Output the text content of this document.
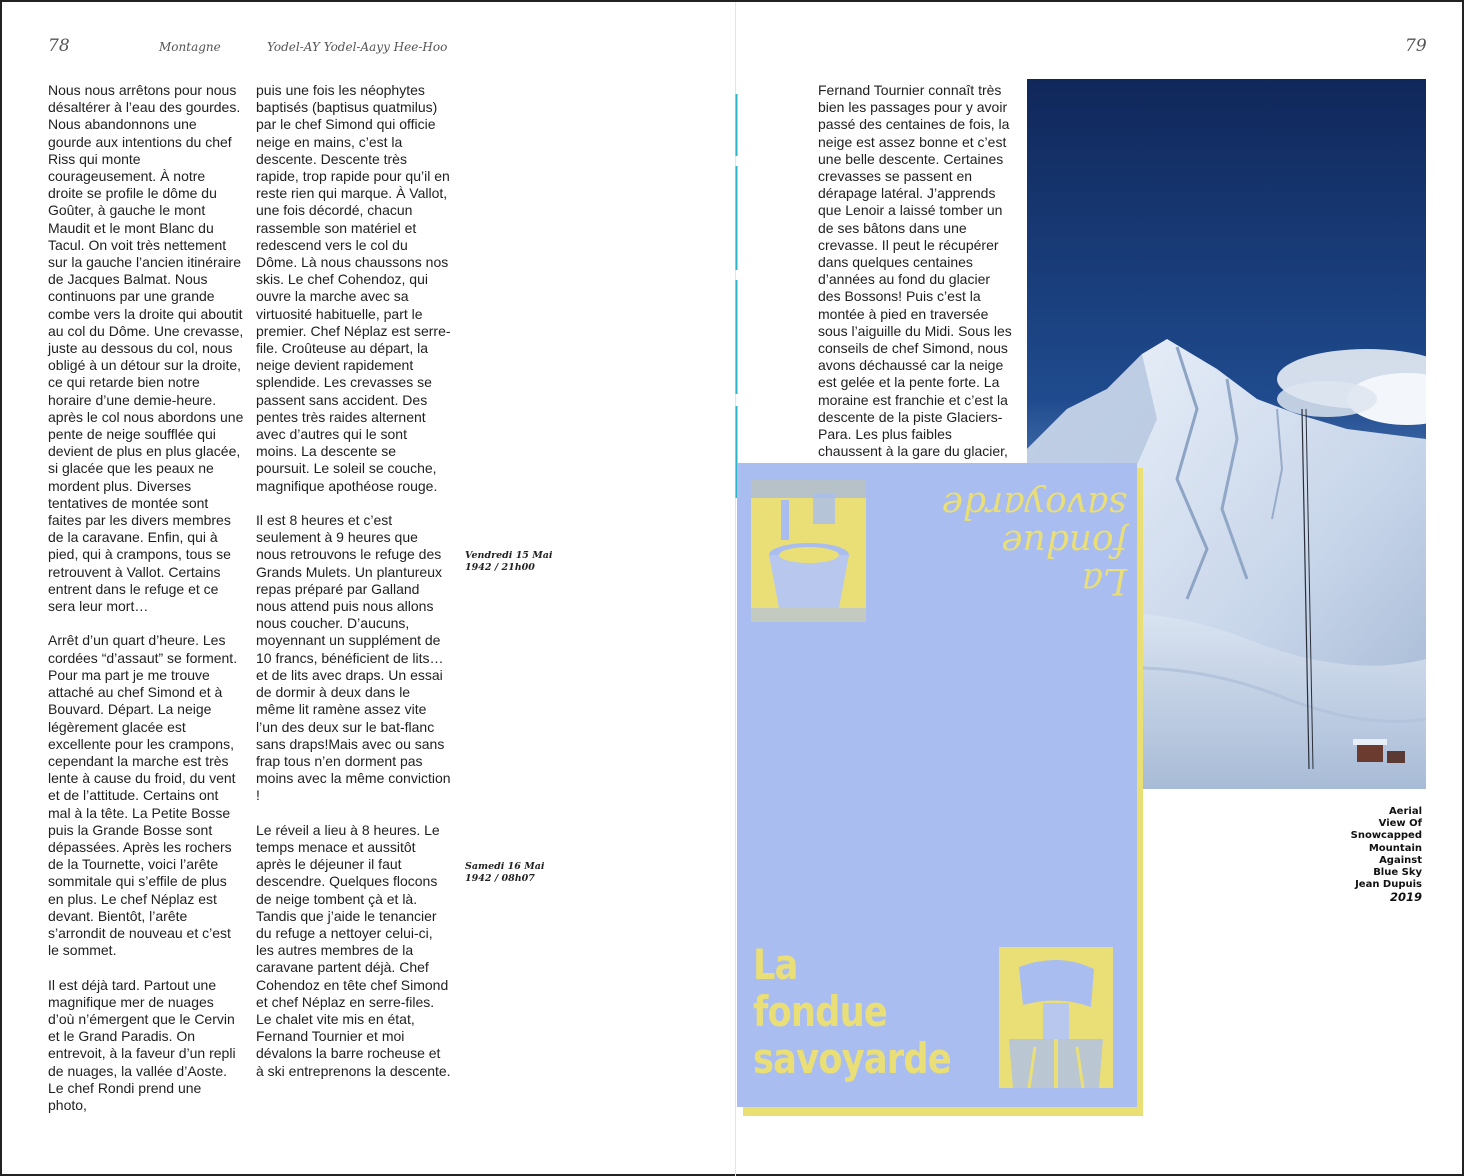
78	Montagne	Yodel-AY Yodel-Aayy Hee-Hoo

Nous nous arrêtons pour nous désaltérer à l’eau des gourdes. Nous abandonnons une gourde aux intentions du chef Riss qui monte courageusement. À notre droite se profile le dôme du Goûter, à gauche le mont Maudit et le mont Blanc du Tacul. On voit très nettement sur la gauche l’ancien itinéraire de Jacques Balmat. Nous continuons par une grande combe vers la droite qui aboutit au col du Dôme. Une crevasse, juste au dessous du col, nous obligé à un détour sur la droite, ce qui retarde bien notre horaire d’une demie-heure. après le col nous abordons une pente de neige soufflée qui devient de plus en plus glacée, si glacée que les peaux ne mordent plus. Diverses tentatives de montée sont faites par les divers membres de la caravane. Enfin, qui à pied, qui à crampons, tous se retrouvent à Vallot. Certains entrent dans le refuge et ce sera leur mort…

Arrêt d’un quart d’heure. Les cordées “d’assaut” se forment. Pour ma part je me trouve attaché au chef Simond et à Bouvard. Départ. La neige légèrement glacée est excellente pour les crampons, cependant la marche est très lente à cause du froid, du vent et de l’attitude. Certains ont mal à la tête. La Petite Bosse puis la Grande Bosse sont dépassées. Après les rochers de la Tournette, voici l’arête sommitale qui s’effile de plus en plus. Le chef Néplaz est devant. Bientôt, l’arête s’arrondit de nouveau et c’est le sommet.

Il est déjà tard. Partout une magnifique mer de nuages d’où n’émergent que le Cervin et le Grand Paradis. On entrevoit, à la faveur d’un repli de nuages, la vallée d’Aoste. Le chef Rondi prend une photo,

puis une fois les néophytes baptisés (baptisus quatmilus) par le chef Simond qui officie neige en mains, c’est la descente. Descente très rapide, trop rapide pour qu’il en reste rien qui marque. À Vallot, une fois décordé, chacun rassemble son matériel et redescend vers le col du Dôme. Là nous chaussons nos skis. Le chef Cohendoz, qui ouvre la marche avec sa virtuosité habituelle, part le premier. Chef Néplaz est serre-file. Croûteuse au départ, la neige devient rapidement splendide. Les crevasses se passent sans accident. Des pentes très raides alternent avec d’autres qui le sont moins. La descente se poursuit. Le soleil se couche, magnifique apothéose rouge.

Il est 8 heures et c’est seulement à 9 heures que nous retrouvons le refuge des Grands Mulets. Un plantureux repas préparé par Galland nous attend puis nous allons nous coucher. D’aucuns, moyennant un supplément de 10 francs, bénéficient de lits… et de lits avec draps. Un essai de dormir à deux dans le même lit ramène assez vite l’un des deux sur le bat-flanc sans draps!Mais avec ou sans frap tous n’en dorment pas moins avec la même conviction !

Le réveil a lieu à 8 heures. Le temps menace et aussitôt après le déjeuner il faut descendre. Quelques flocons de neige tombent çà et là. Tandis que j’aide le tenancier du refuge a nettoyer celui-ci, les autres membres de la caravane partent déjà. Chef Cohendoz en tête chef Simond et chef Néplaz en serre-files. Le chalet vite mis en état, Fernand Tournier et moi dévalons la barre rocheuse et à ski entreprenons la descente.

Vendredi 15 Mai
1942 / 21h00
Samedi 16 Mai
1942 / 08h07
79

Fernand Tournier connaît très bien les passages pour y avoir passé des centaines de fois, la neige est assez bonne et c’est une belle descente. Certaines crevasses se passent en dérapage latéral. J’apprends que Lenoir a laissé tomber un de ses bâtons dans une crevasse. Il peut le récupérer dans quelques centaines d’années au fond du glacier des Bossons! Puis c’est la montée à pied en traversée sous l’aiguille du Midi. Sous les conseils de chef Simond, nous avons déchaussé car la neige est gelée et la pente forte. La moraine est franchie et c’est la descente de la piste Glaciers-Para. Les plus faibles chaussent à la gare du glacier,

Aerial
View Of
Snowcapped
Mountain
Against
Blue Sky
Jean Dupuis
2019
La
fondue
savoyarde
La
fondue
savoyarde
